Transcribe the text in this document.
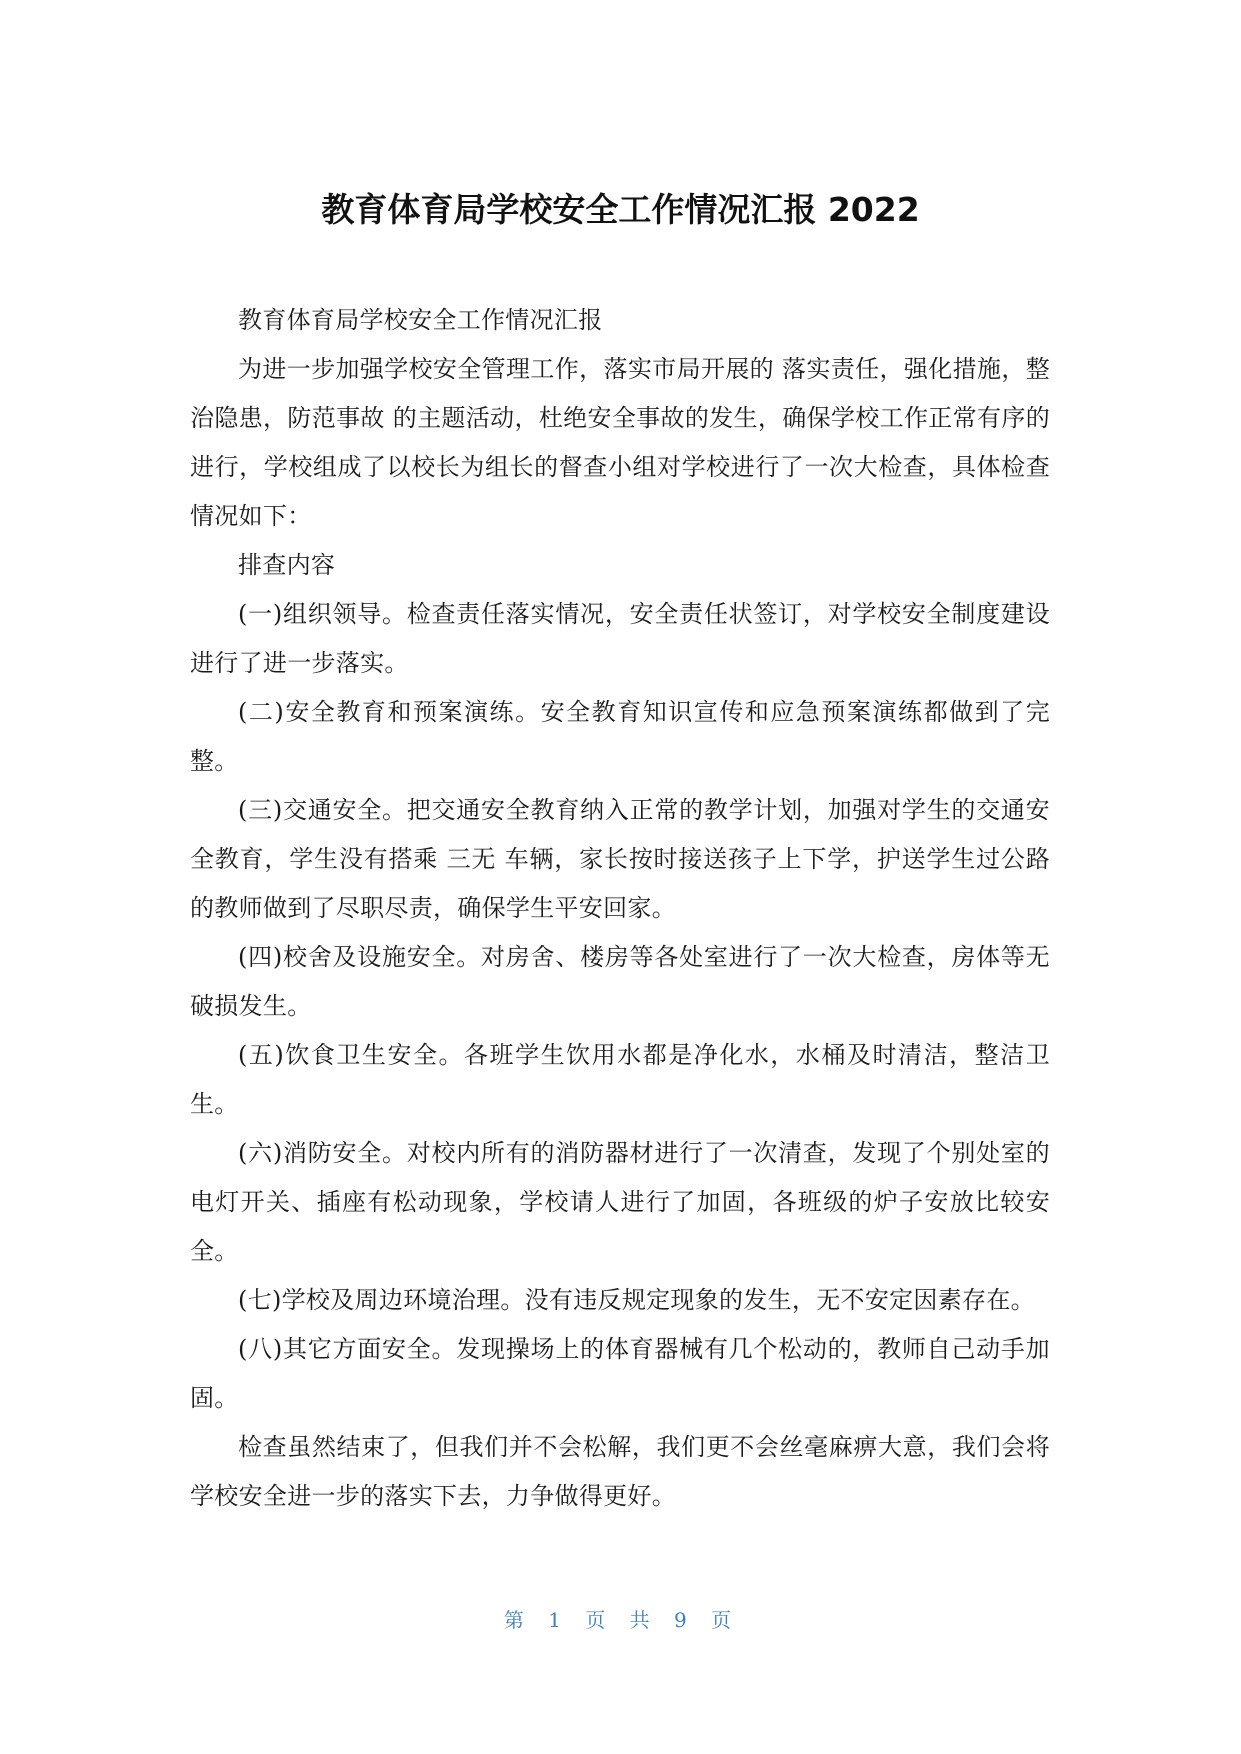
教育体育局学校安全工作情况汇报 2022

教育体育局学校安全工作情况汇报

为进一步加强学校安全管理工作，落实市局开展的 落实责任，强化措施，整治隐患，防范事故 的主题活动，杜绝安全事故的发生，确保学校工作正常有序的进行，学校组成了以校长为组长的督查小组对学校进行了一次大检查，具体检查情况如下：

排查内容

(一)组织领导。检查责任落实情况，安全责任状签订，对学校安全制度建设进行了进一步落实。

(二)安全教育和预案演练。安全教育知识宣传和应急预案演练都做到了完整。

(三)交通安全。把交通安全教育纳入正常的教学计划，加强对学生的交通安全教育，学生没有搭乘 三无 车辆，家长按时接送孩子上下学，护送学生过公路的教师做到了尽职尽责，确保学生平安回家。

(四)校舍及设施安全。对房舍、楼房等各处室进行了一次大检查，房体等无破损发生。

(五)饮食卫生安全。各班学生饮用水都是净化水，水桶及时清洁，整洁卫生。

(六)消防安全。对校内所有的消防器材进行了一次清查，发现了个别处室的电灯开关、插座有松动现象，学校请人进行了加固，各班级的炉子安放比较安全。

(七)学校及周边环境治理。没有违反规定现象的发生，无不安定因素存在。

(八)其它方面安全。发现操场上的体育器械有几个松动的，教师自己动手加固。

检查虽然结束了，但我们并不会松解，我们更不会丝毫麻痹大意，我们会将学校安全进一步的落实下去，力争做得更好。

第 1 页 共 9 页
